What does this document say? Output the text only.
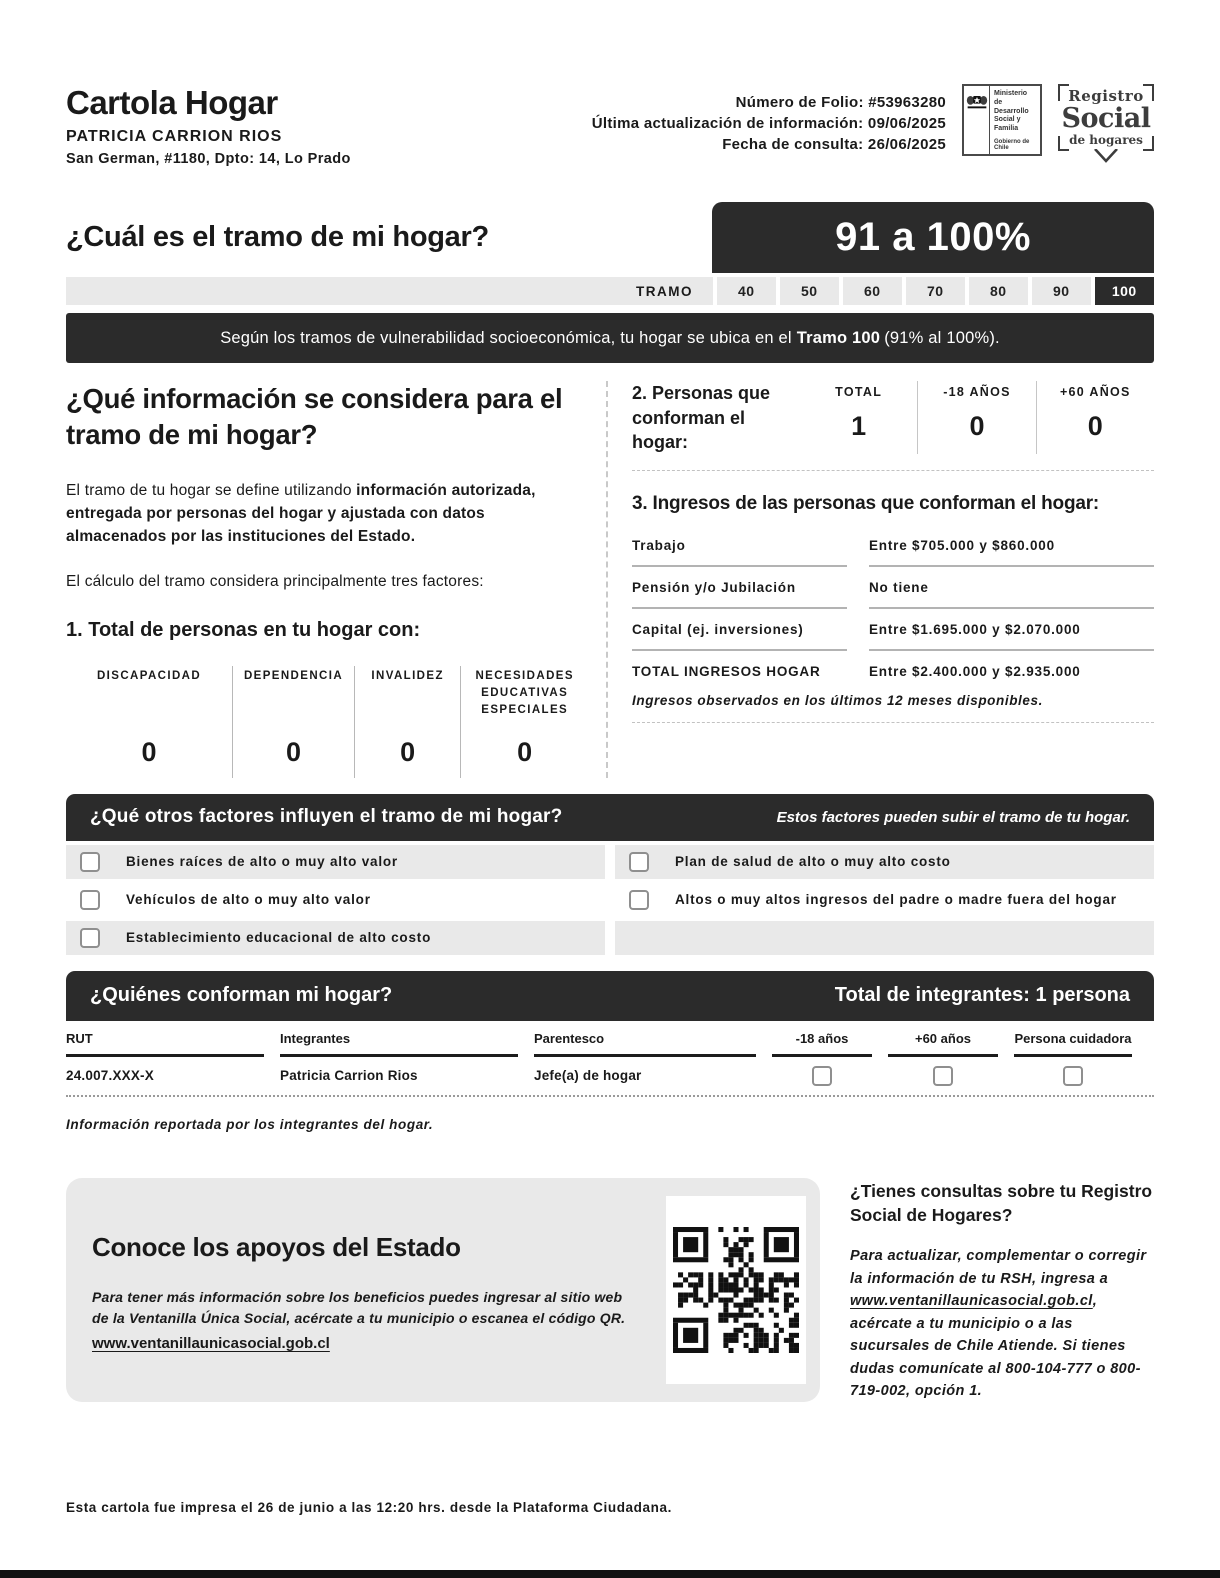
Cartola Hogar
PATRICIA CARRION RIOS
San German, #1180, Dpto: 14, Lo Prado
Número de Folio: #53963280
Última actualización de información: 09/06/2025
Fecha de consulta: 26/06/2025
Ministerio de
Desarrollo
Social y
Familia
Gobierno de Chile
Registro
Social
de hogares
¿Cuál es el tramo de mi hogar?	91 a 100%
TRAMO	40	50	60	70	80	90	100
Según los tramos de vulnerabilidad socioeconómica, tu hogar se ubica en el Tramo 100 (91% al 100%).
¿Qué información se considera para el tramo de mi hogar?

El tramo de tu hogar se define utilizando información autorizada, entregada por personas del hogar y ajustada con datos almacenados por las instituciones del Estado.

El cálculo del tramo considera principalmente tres factores:

1. Total de personas en tu hogar con:
DISCAPACIDAD
0
DEPENDENCIA
0
INVALIDEZ
0
NECESIDADES EDUCATIVAS ESPECIALES
0
2. Personas que conforman el hogar:
TOTAL
1
-18 AÑOS
0
+60 AÑOS
0
3. Ingresos de las personas que conforman el hogar:
Trabajo	Entre $705.000 y $860.000
Pensión y/o Jubilación	No tiene
Capital (ej. inversiones)	Entre $1.695.000 y $2.070.000
TOTAL INGRESOS HOGAR	Entre $2.400.000 y $2.935.000
Ingresos observados en los últimos 12 meses disponibles.
¿Qué otros factores influyen el tramo de mi hogar?	Estos factores pueden subir el tramo de tu hogar.
Bienes raíces de alto o muy alto valor	Plan de salud de alto o muy alto costo
Vehículos de alto o muy alto valor	Altos o muy altos ingresos del padre o madre fuera del hogar
Establecimiento educacional de alto costo
¿Quiénes conforman mi hogar?	Total de integrantes: 1 persona
RUT	Integrantes	Parentesco	-18 años	+60 años	Persona cuidadora
24.007.XXX-X	Patricia Carrion Rios	Jefe(a) de hogar
Información reportada por los integrantes del hogar.
Conoce los apoyos del Estado

Para tener más información sobre los beneficios puedes ingresar al sitio web de la Ventanilla Única Social, acércate a tu municipio o escanea el código QR.

www.ventanillaunicasocial.gob.cl
¿Tienes consultas sobre tu Registro Social de Hogares?

Para actualizar, complementar o corregir la información de tu RSH, ingresa a www.ventanillaunicasocial.gob.cl, acércate a tu municipio o a las sucursales de Chile Atiende. Si tienes dudas comunícate al 800-104-777 o 800-719-002, opción 1.

Esta cartola fue impresa el 26 de junio a las 12:20 hrs. desde la Plataforma Ciudadana.
